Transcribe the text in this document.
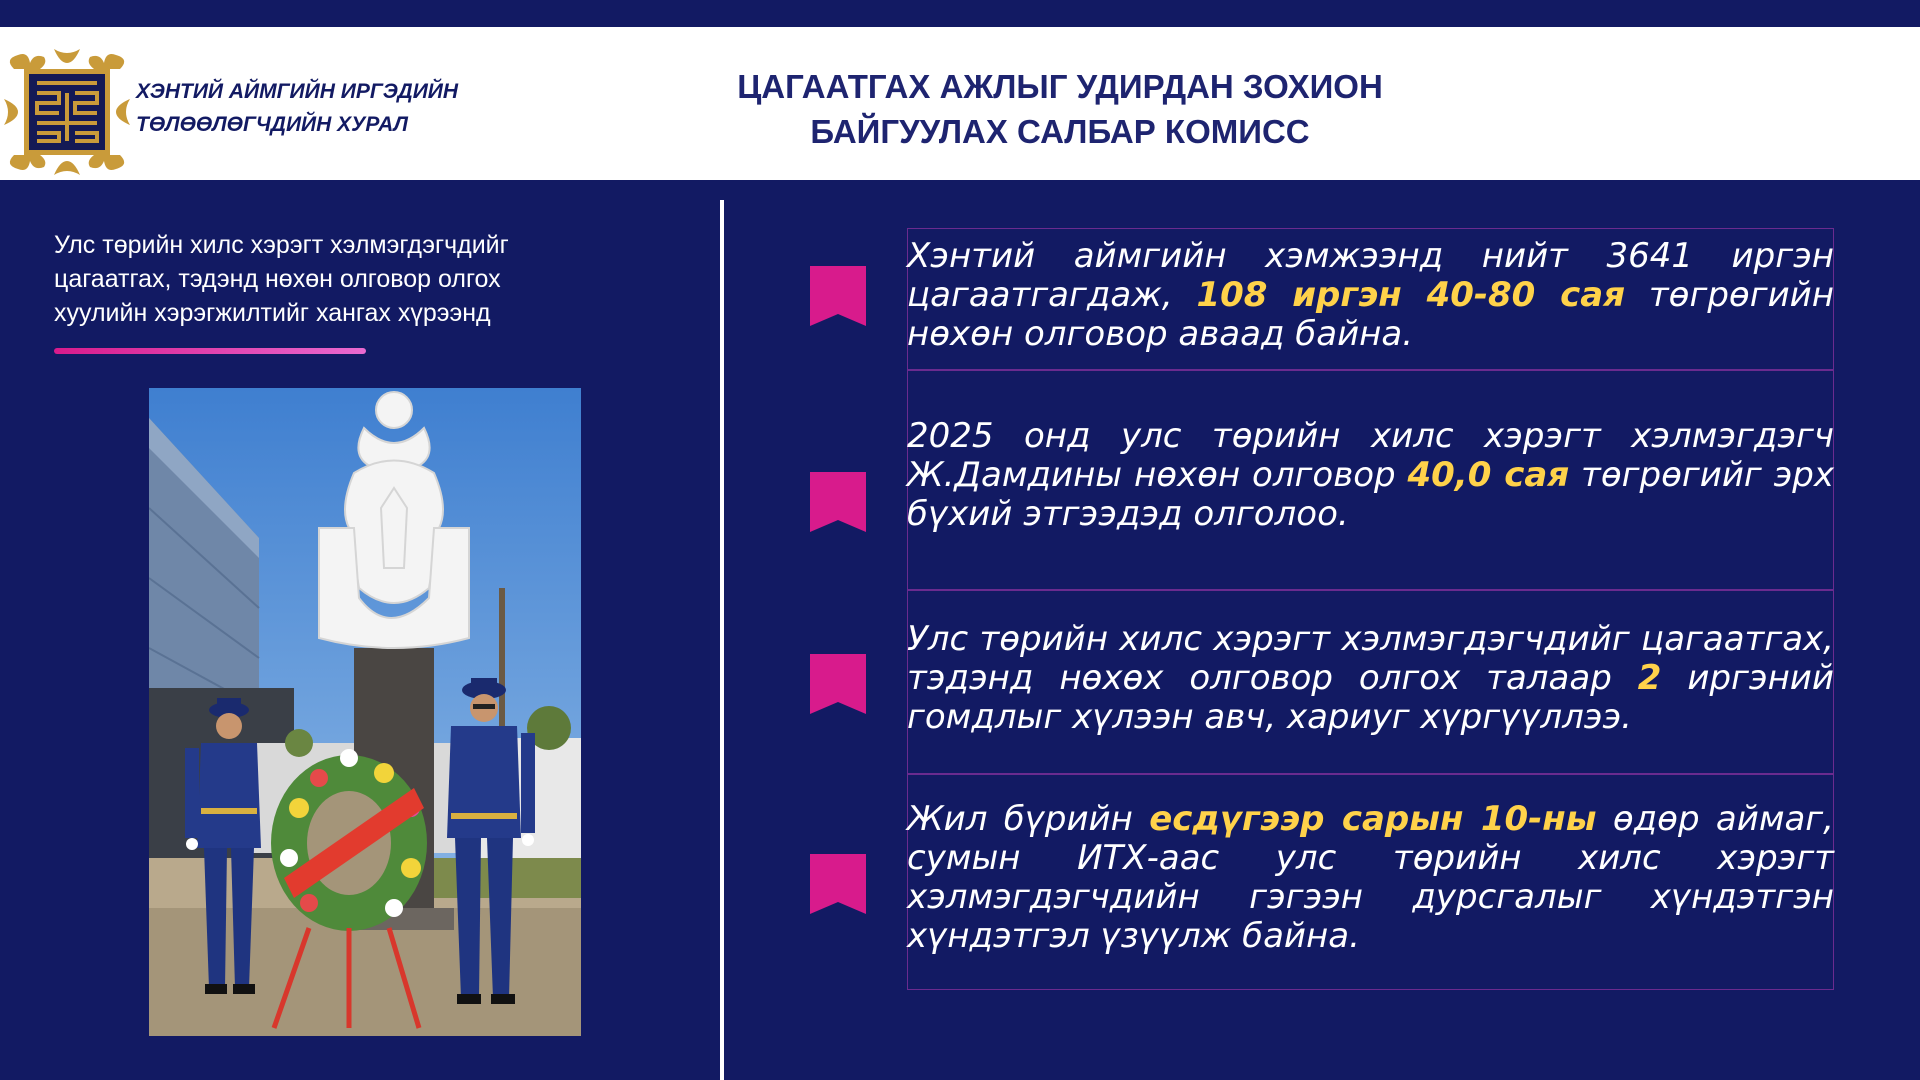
ХЭНТИЙ АЙМГИЙН ИРГЭДИЙН
ТӨЛӨӨЛӨГЧДИЙН ХУРАЛ
ЦАГААТГАХ АЖЛЫГ УДИРДАН ЗОХИОН
БАЙГУУЛАХ САЛБАР КОМИСС
Улс төрийн хилс хэрэгт хэлмэгдэгчдийг
цагаатгах, тэдэнд нөхөн олговор олгох
хуулийн хэрэгжилтийг хангах хүрээнд
Хэнтий аймгийн хэмжээнд нийт 3641 иргэн цагаатгагдаж, 108 иргэн 40-80 сая төгрөгийн нөхөн олговор аваад байна.
2025 онд улс төрийн хилс хэрэгт хэлмэгдэгч Ж.Дамдины нөхөн олговор 40,0 сая төгрөгийг эрх бүхий этгээдэд олголоо.
Улс төрийн хилс хэрэгт хэлмэгдэгчдийг цагаатгах, тэдэнд нөхөх олговор олгох талаар 2 иргэний гомдлыг хүлээн авч, хариуг хүргүүллээ.
Жил бүрийн есдүгээр сарын 10-ны өдөр аймаг, сумын ИТХ-аас улс төрийн хилс хэрэгт хэлмэгдэгчдийн гэгээн дурсгалыг хүндэтгэн хүндэтгэл үзүүлж байна.
